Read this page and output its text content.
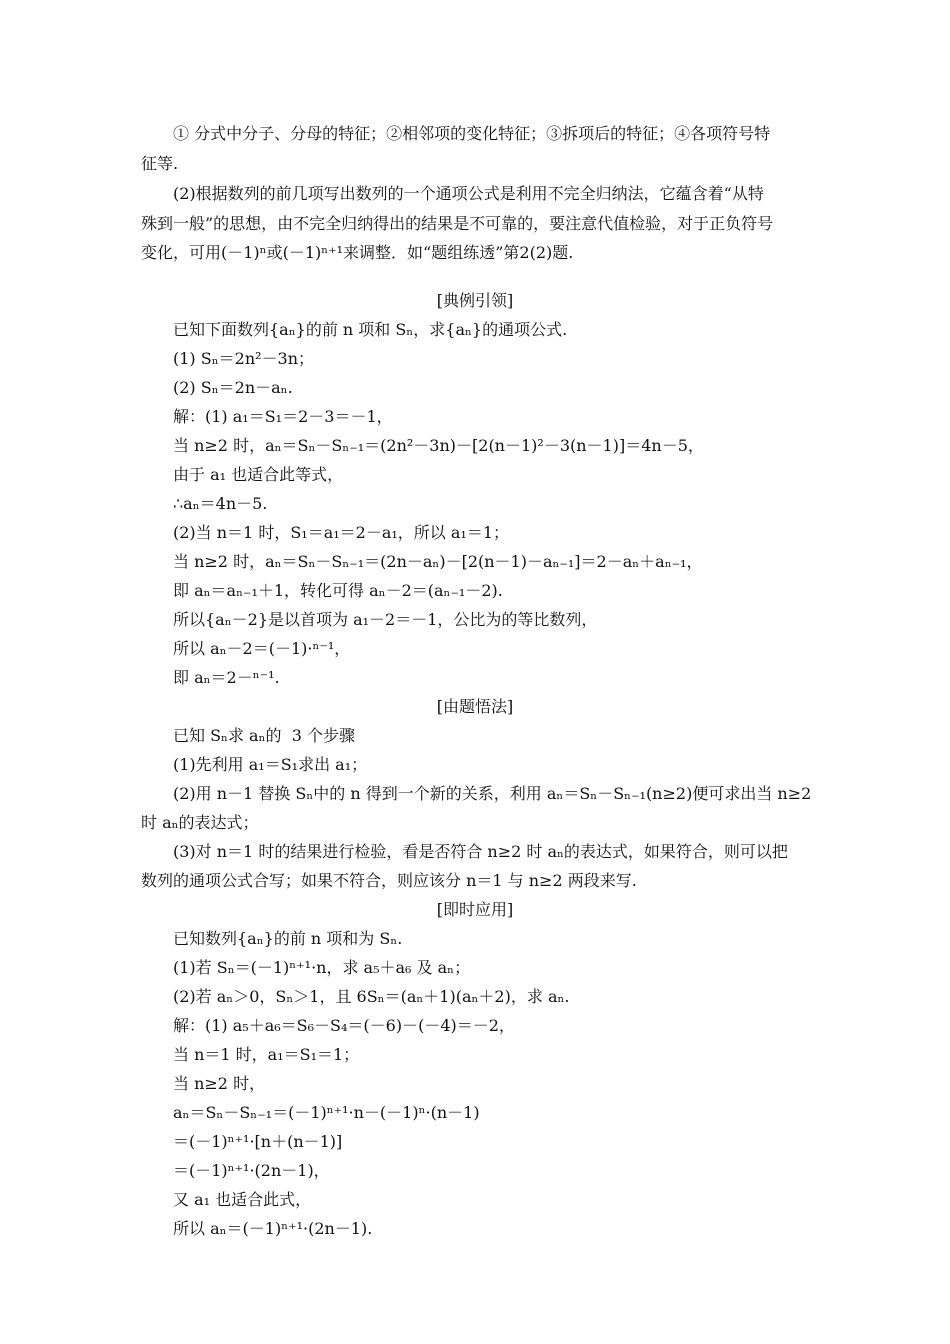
① 分式中分子、分母的特征；②相邻项的变化特征；③拆项后的特征；④各项符号特
征等.
(2)根据数列的前几项写出数列的一个通项公式是利用不完全归纳法，它蕴含着“从特
殊到一般”的思想，由不完全归纳得出的结果是不可靠的，要注意代值检验，对于正负符号
变化，可用(－1)ⁿ或(－1)ⁿ⁺¹来调整．如“题组练透”第2(2)题.
[典例引领]
已知下面数列{aₙ}的前 n 项和 Sₙ，求{aₙ}的通项公式.
(1) Sₙ＝2n²－3n；
(2) Sₙ＝2n－aₙ.
解：(1) a₁＝S₁＝2－3＝－1，
当 n≥2 时，aₙ＝Sₙ－Sₙ₋₁＝(2n²－3n)－[2(n－1)²－3(n－1)]＝4n－5，
由于 a₁ 也适合此等式，
∴aₙ＝4n－5.
(2)当 n＝1 时，S₁＝a₁＝2－a₁，所以 a₁＝1；
当 n≥2 时，aₙ＝Sₙ－Sₙ₋₁＝(2n－aₙ)－[2(n－1)－aₙ₋₁]＝2－aₙ＋aₙ₋₁，
即 aₙ＝aₙ₋₁＋1，转化可得 aₙ－2＝(aₙ₋₁－2).
所以{aₙ－2}是以首项为 a₁－2＝－1，公比为的等比数列，
所以 aₙ－2＝(－1)·ⁿ⁻¹，
即 aₙ＝2－ⁿ⁻¹.
[由题悟法]
已知 Sₙ求 aₙ的  3 个步骤
(1)先利用 a₁＝S₁求出 a₁；
(2)用 n－1 替换 Sₙ中的 n 得到一个新的关系，利用 aₙ＝Sₙ－Sₙ₋₁(n≥2)便可求出当 n≥2
时 aₙ的表达式；
(3)对 n＝1 时的结果进行检验，看是否符合 n≥2 时 aₙ的表达式，如果符合，则可以把
数列的通项公式合写；如果不符合，则应该分 n＝1 与 n≥2 两段来写.
[即时应用]
已知数列{aₙ}的前 n 项和为 Sₙ.
(1)若 Sₙ＝(－1)ⁿ⁺¹·n，求 a₅＋a₆ 及 aₙ；
(2)若 aₙ＞0，Sₙ＞1，且 6Sₙ＝(aₙ＋1)(aₙ＋2)，求 aₙ.
解：(1) a₅＋a₆＝S₆－S₄＝(－6)－(－4)＝－2，
当 n＝1 时，a₁＝S₁＝1；
当 n≥2 时，
aₙ＝Sₙ－Sₙ₋₁＝(－1)ⁿ⁺¹·n－(－1)ⁿ·(n－1)
＝(－1)ⁿ⁺¹·[n＋(n－1)]
＝(－1)ⁿ⁺¹·(2n－1)，
又 a₁ 也适合此式，
所以 aₙ＝(－1)ⁿ⁺¹·(2n－1).
